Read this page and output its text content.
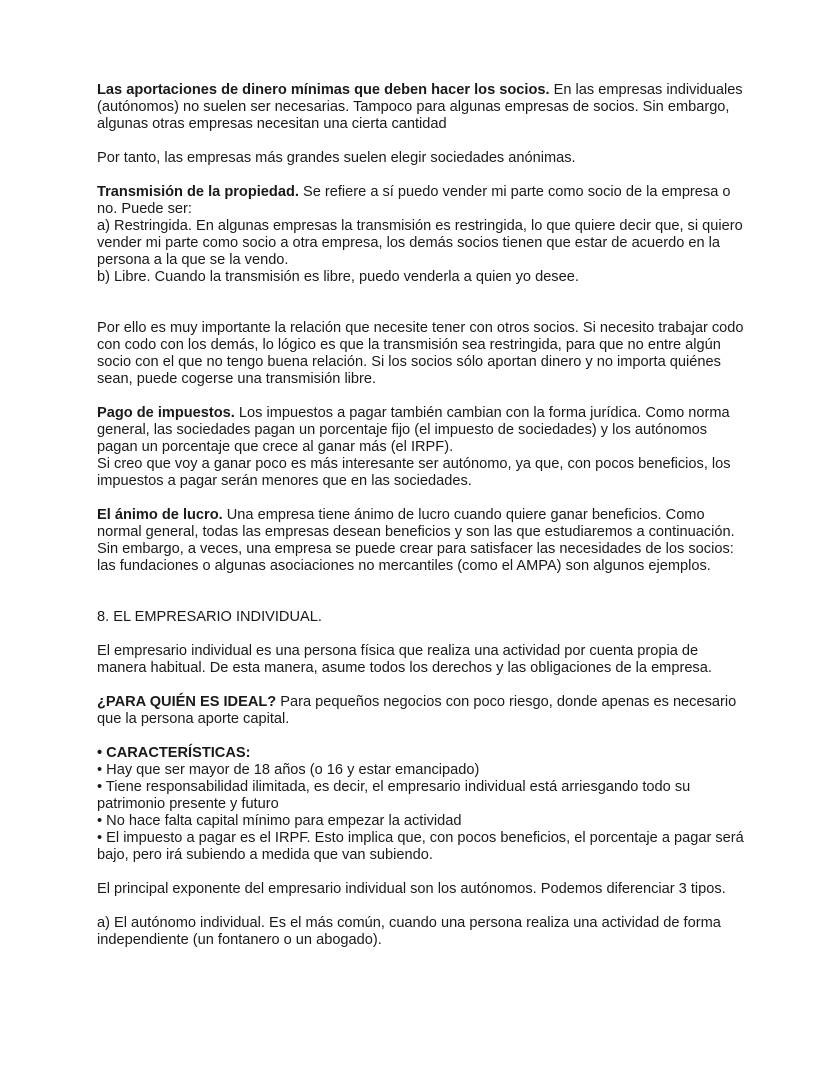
Las aportaciones de dinero mínimas que deben hacer los socios. En las empresas individuales (autónomos) no suelen ser necesarias. Tampoco para algunas empresas de socios. Sin embargo, algunas otras empresas necesitan una cierta cantidad

Por tanto, las empresas más grandes suelen elegir sociedades anónimas.

Transmisión de la propiedad. Se refiere a sí puedo vender mi parte como socio de la empresa o no. Puede ser:

a) Restringida. En algunas empresas la transmisión es restringida, lo que quiere decir que, si quiero vender mi parte como socio a otra empresa, los demás socios tienen que estar de acuerdo en la persona a la que se la vendo.

b) Libre. Cuando la transmisión es libre, puedo venderla a quien yo desee.

Por ello es muy importante la relación que necesite tener con otros socios. Si necesito trabajar codo con codo con los demás, lo lógico es que la transmisión sea restringida, para que no entre algún socio con el que no tengo buena relación. Si los socios sólo aportan dinero y no importa quiénes sean, puede cogerse una transmisión libre.

Pago de impuestos. Los impuestos a pagar también cambian con la forma jurídica. Como norma general, las sociedades pagan un porcentaje fijo (el impuesto de sociedades) y los autónomos pagan un porcentaje que crece al ganar más (el IRPF).

Si creo que voy a ganar poco es más interesante ser autónomo, ya que, con pocos beneficios, los impuestos a pagar serán menores que en las sociedades.

El ánimo de lucro. Una empresa tiene ánimo de lucro cuando quiere ganar beneficios. Como normal general, todas las empresas desean beneficios y son las que estudiaremos a continuación.

Sin embargo, a veces, una empresa se puede crear para satisfacer las necesidades de los socios: las fundaciones o algunas asociaciones no mercantiles (como el AMPA) son algunos ejemplos.

8. EL EMPRESARIO INDIVIDUAL.

El empresario individual es una persona física que realiza una actividad por cuenta propia de manera habitual. De esta manera, asume todos los derechos y las obligaciones de la empresa.

¿PARA QUIÉN ES IDEAL? Para pequeños negocios con poco riesgo, donde apenas es necesario que la persona aporte capital.

• CARACTERÍSTICAS:

• Hay que ser mayor de 18 años (o 16 y estar emancipado)

• Tiene responsabilidad ilimitada, es decir, el empresario individual está arriesgando todo su patrimonio presente y futuro

• No hace falta capital mínimo para empezar la actividad

• El impuesto a pagar es el IRPF. Esto implica que, con pocos beneficios, el porcentaje a pagar será bajo, pero irá subiendo a medida que van subiendo.

El principal exponente del empresario individual son los autónomos. Podemos diferenciar 3 tipos.

a) El autónomo individual. Es el más común, cuando una persona realiza una actividad de forma independiente (un fontanero o un abogado).
